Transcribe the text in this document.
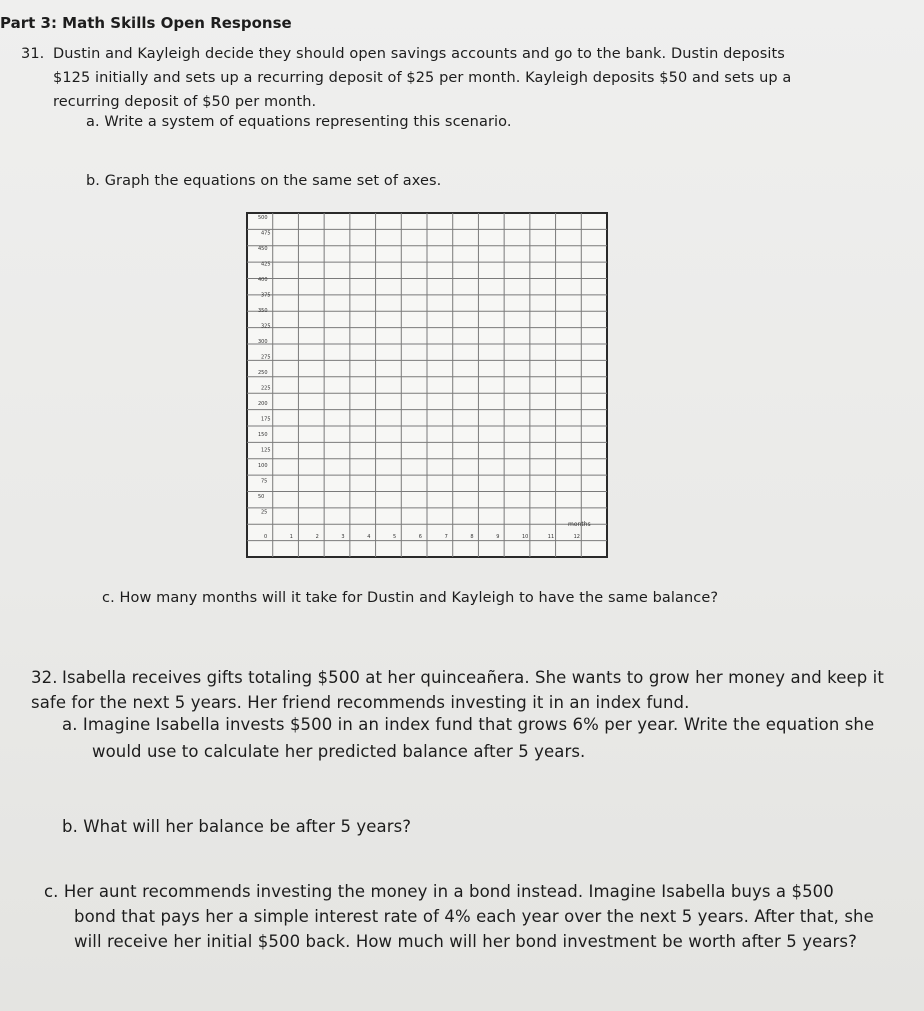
Part 3: Math Skills Open Response

31. Dustin and Kayleigh decide they should open savings accounts and go to the bank. Dustin deposits

$125 initially and sets up a recurring deposit of $25 per month. Kayleigh deposits $50 and sets up a

recurring deposit of $50 per month.

a. Write a system of equations representing this scenario.

b. Graph the equations on the same set of axes.

500
475
450
425
400
375
350
325
300
275
250
225
200
175
150
125
100
75
50
25
0	1	2	3	4	5	6	7	8	9	10	11	12
months

c. How many months will it take for Dustin and Kayleigh to have the same balance?

32. Isabella receives gifts totaling $500 at her quinceañera. She wants to grow her money and keep it

safe for the next 5 years. Her friend recommends investing it in an index fund.

a. Imagine Isabella invests $500 in an index fund that grows 6% per year. Write the equation she

would use to calculate her predicted balance after 5 years.

b. What will her balance be after 5 years?

c. Her aunt recommends investing the money in a bond instead. Imagine Isabella buys a $500

bond that pays her a simple interest rate of 4% each year over the next 5 years. After that, she

will receive her initial $500 back. How much will her bond investment be worth after 5 years?
